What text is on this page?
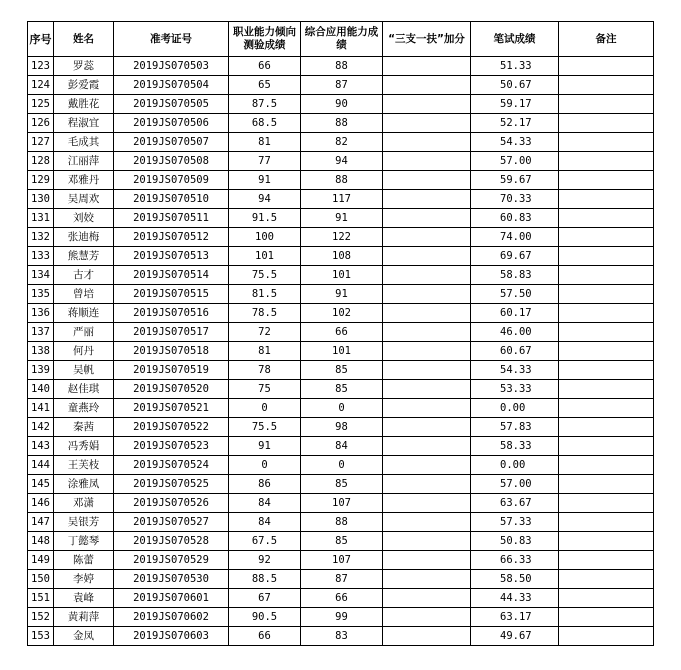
序号	姓名	准考证号	职业能力倾向测验成绩	综合应用能力成绩	“三支一扶”加分	笔试成绩	备注
123	罗蕊	2019JS070503	66	88		51.33	
124	彭爱霞	2019JS070504	65	87		50.67	
125	戴胜花	2019JS070505	87.5	90		59.17	
126	程淑宜	2019JS070506	68.5	88		52.17	
127	毛成其	2019JS070507	81	82		54.33	
128	江丽萍	2019JS070508	77	94		57.00	
129	邓雅丹	2019JS070509	91	88		59.67	
130	吴周欢	2019JS070510	94	117		70.33	
131	刘姣	2019JS070511	91.5	91		60.83	
132	张迪梅	2019JS070512	100	122		74.00	
133	熊慧芳	2019JS070513	101	108		69.67	
134	古才	2019JS070514	75.5	101		58.83	
135	曾培	2019JS070515	81.5	91		57.50	
136	蒋顺连	2019JS070516	78.5	102		60.17	
137	严丽	2019JS070517	72	66		46.00	
138	何丹	2019JS070518	81	101		60.67	
139	吴帆	2019JS070519	78	85		54.33	
140	赵佳琪	2019JS070520	75	85		53.33	
141	童燕玲	2019JS070521	0	0		0.00	
142	秦茜	2019JS070522	75.5	98		57.83	
143	冯秀娟	2019JS070523	91	84		58.33	
144	王芙枝	2019JS070524	0	0		0.00	
145	涂雅凤	2019JS070525	86	85		57.00	
146	邓潇	2019JS070526	84	107		63.67	
147	吴银芳	2019JS070527	84	88		57.33	
148	丁懿琴	2019JS070528	67.5	85		50.83	
149	陈蕾	2019JS070529	92	107		66.33	
150	李婷	2019JS070530	88.5	87		58.50	
151	袁峰	2019JS070601	67	66		44.33	
152	黄莉萍	2019JS070602	90.5	99		63.17	
153	金凤	2019JS070603	66	83		49.67	
